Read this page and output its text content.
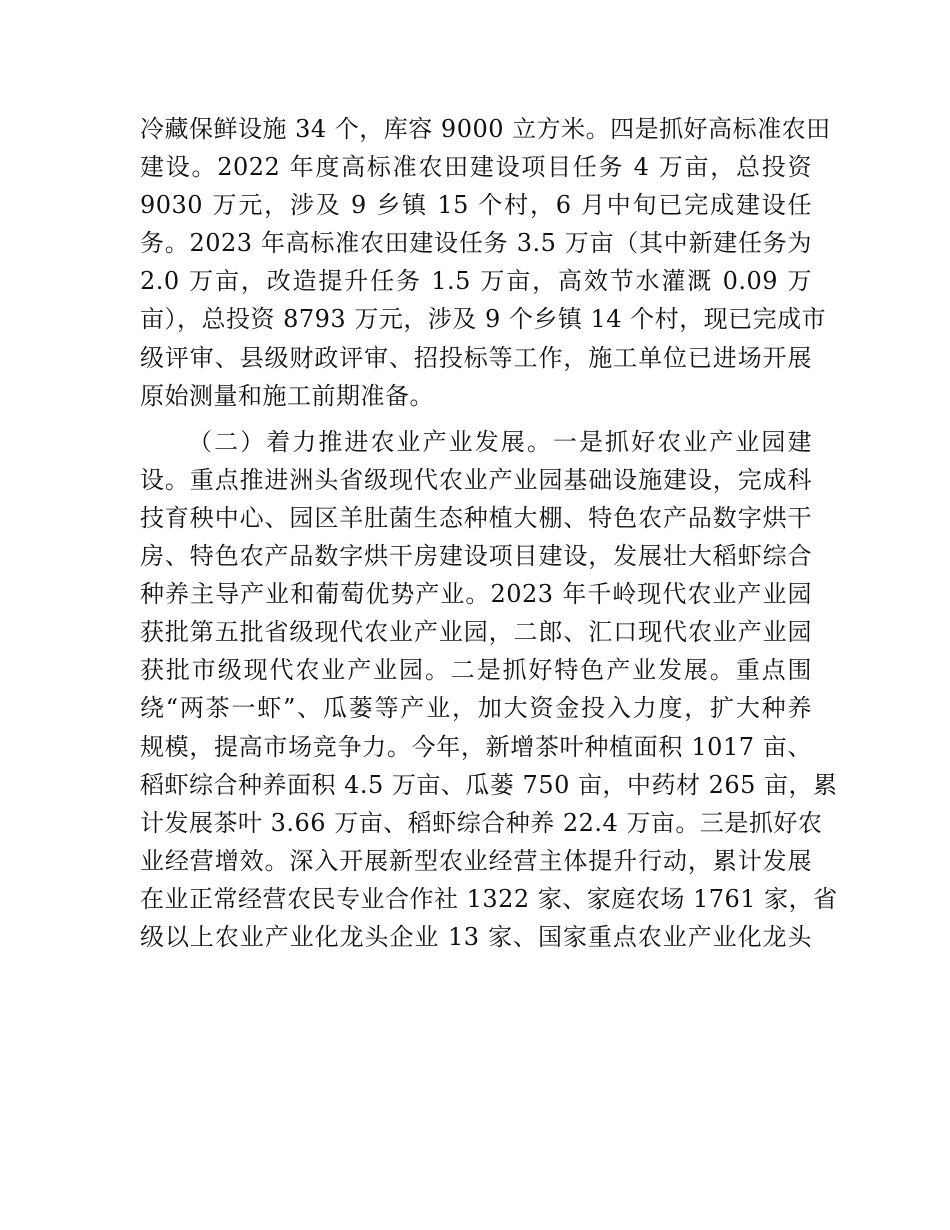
冷藏保鲜设施 34 个，库容 9000 立方米。四是抓好高标准农田
建设。2022 年度高标准农田建设项目任务 4 万亩，总投资
9030 万元，涉及 9 乡镇 15 个村，6 月中旬已完成建设任
务。2023 年高标准农田建设任务 3.5 万亩（其中新建任务为
2.0 万亩，改造提升任务 1.5 万亩，高效节水灌溉 0.09 万
亩），总投资 8793 万元，涉及 9 个乡镇 14 个村，现已完成市
级评审、县级财政评审、招投标等工作，施工单位已进场开展
原始测量和施工前期准备。
（二）着力推进农业产业发展。一是抓好农业产业园建
设。重点推进洲头省级现代农业产业园基础设施建设，完成科
技育秧中心、园区羊肚菌生态种植大棚、特色农产品数字烘干
房、特色农产品数字烘干房建设项目建设，发展壮大稻虾综合
种养主导产业和葡萄优势产业。2023 年千岭现代农业产业园
获批第五批省级现代农业产业园，二郎、汇口现代农业产业园
获批市级现代农业产业园。二是抓好特色产业发展。重点围
绕“两茶一虾”、瓜蒌等产业，加大资金投入力度，扩大种养
规模，提高市场竞争力。今年，新增茶叶种植面积 1017 亩、
稻虾综合种养面积 4.5 万亩、瓜蒌 750 亩，中药材 265 亩，累
计发展茶叶 3.66 万亩、稻虾综合种养 22.4 万亩。三是抓好农
业经营增效。深入开展新型农业经营主体提升行动，累计发展
在业正常经营农民专业合作社 1322 家、家庭农场 1761 家，省
级以上农业产业化龙头企业 13 家、国家重点农业产业化龙头
